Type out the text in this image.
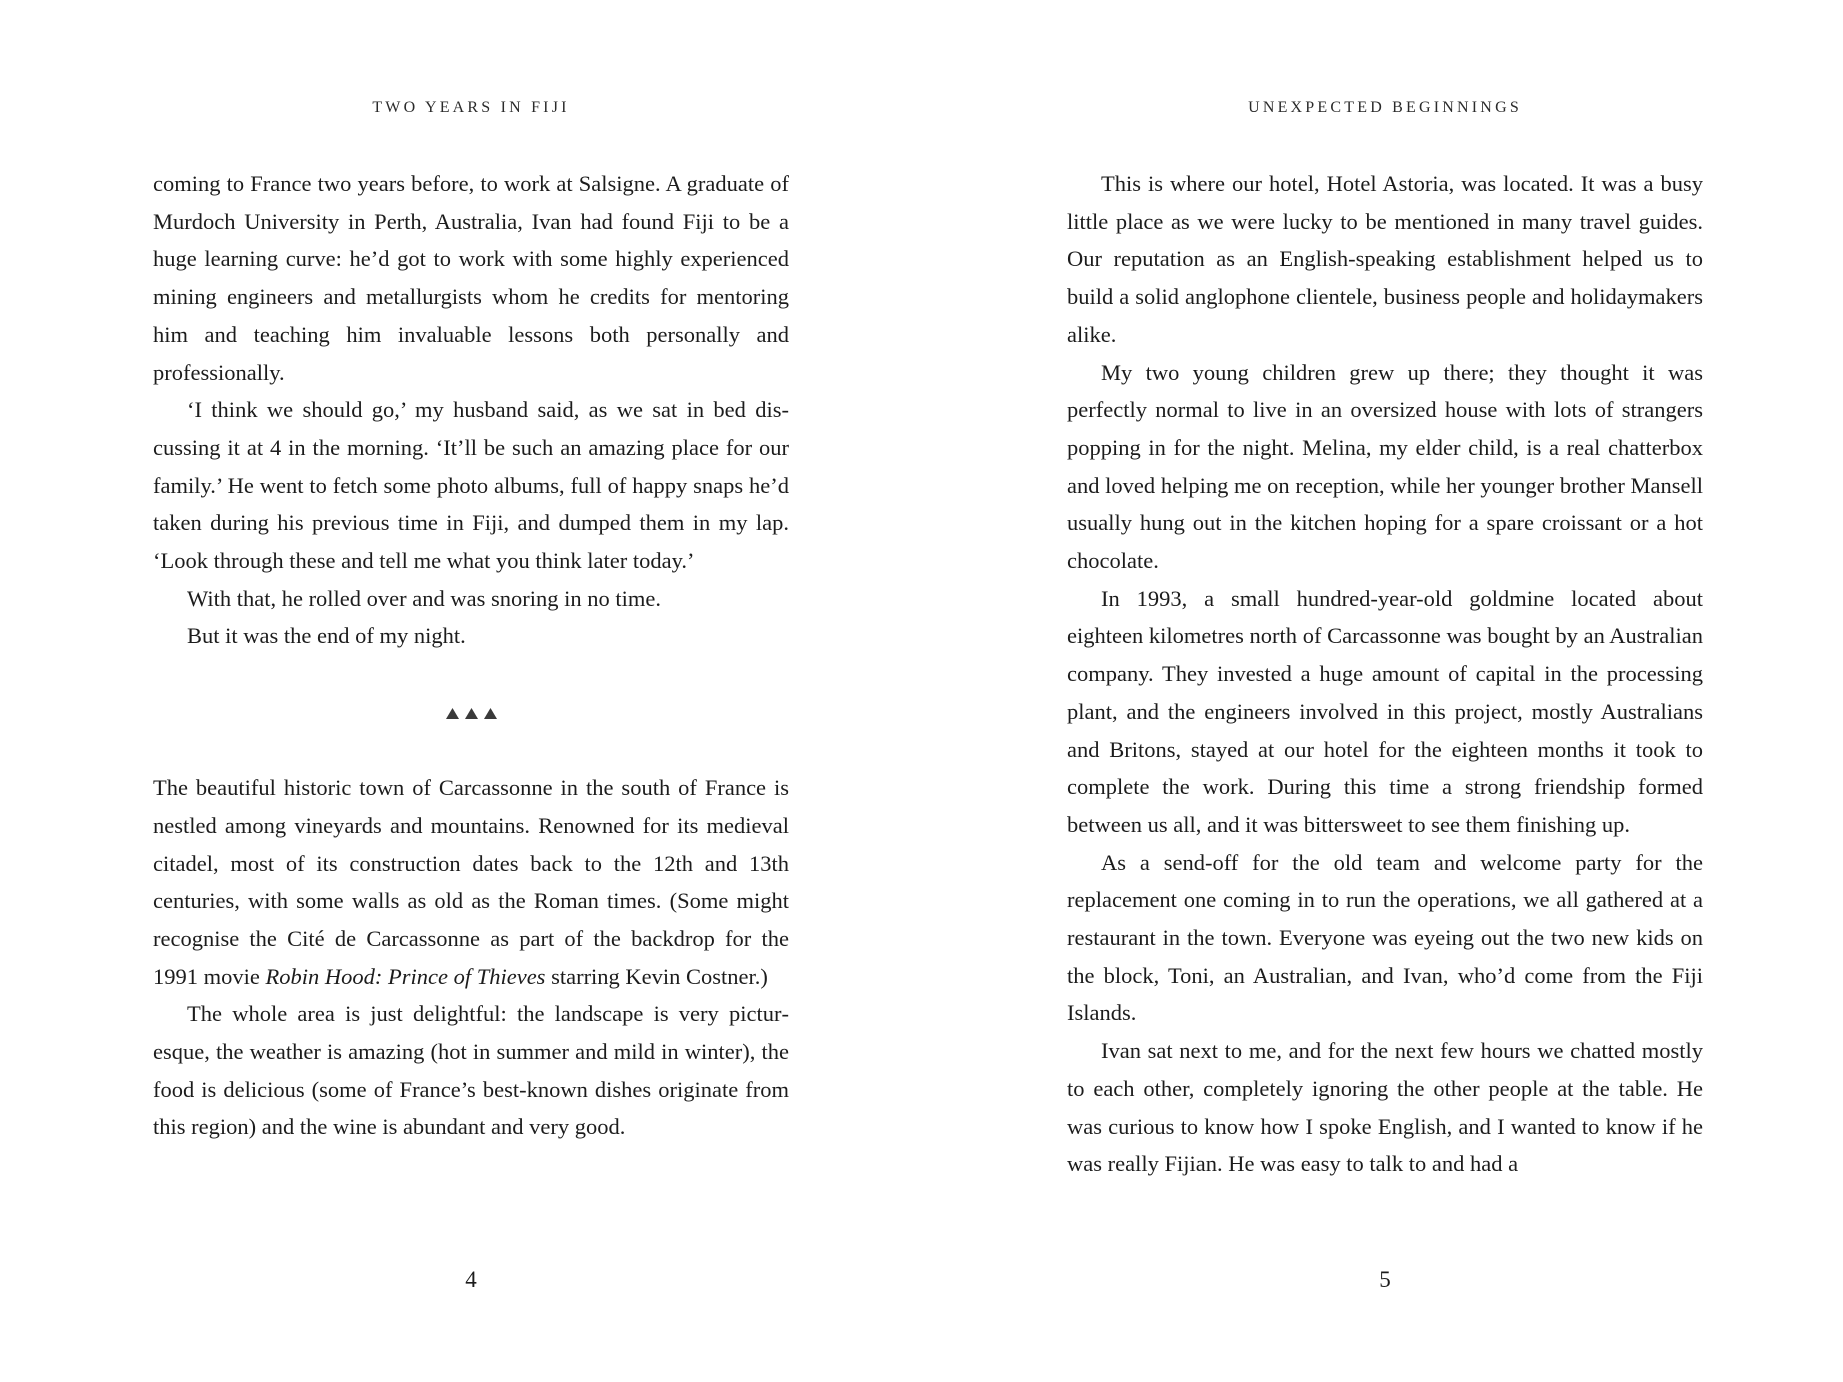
TWO YEARS IN FIJI

coming to France two years before, to work at Salsigne. A graduate of Murdoch University in Perth, Australia, Ivan had found Fiji to be a huge learning curve: he’d got to work with some highly experienced mining engineers and metallurgists whom he credits for mentoring him and teaching him invaluable lessons both personally and professionally.

‘I think we should go,’ my husband said, as we sat in bed discussing it at 4 in the morning. ‘It’ll be such an amazing place for our family.’ He went to fetch some photo albums, full of happy snaps he’d taken during his previous time in Fiji, and dumped them in my lap. ‘Look through these and tell me what you think later today.’

With that, he rolled over and was snoring in no time.

But it was the end of my night.

The beautiful historic town of Carcassonne in the south of France is nestled among vineyards and mountains. Renowned for its medieval citadel, most of its construction dates back to the 12th and 13th centuries, with some walls as old as the Roman times. (Some might recognise the Cité de Carcassonne as part of the backdrop for the 1991 movie Robin Hood: Prince of Thieves starring Kevin Costner.)

The whole area is just delightful: the landscape is very picturesque, the weather is amazing (hot in summer and mild in winter), the food is delicious (some of France’s best-known dishes originate from this region) and the wine is abundant and very good.

4
UNEXPECTED BEGINNINGS

This is where our hotel, Hotel Astoria, was located. It was a busy little place as we were lucky to be mentioned in many travel guides. Our reputation as an English-speaking establishment helped us to build a solid anglophone clientele, business people and holidaymakers alike.

My two young children grew up there; they thought it was perfectly normal to live in an oversized house with lots of strangers popping in for the night. Melina, my elder child, is a real chatterbox and loved helping me on reception, while her younger brother Mansell usually hung out in the kitchen hoping for a spare croissant or a hot chocolate.

In 1993, a small hundred-year-old goldmine located about eighteen kilometres north of Carcassonne was bought by an Australian company. They invested a huge amount of capital in the processing plant, and the engineers involved in this project, mostly Australians and Britons, stayed at our hotel for the eighteen months it took to complete the work. During this time a strong friendship formed between us all, and it was bittersweet to see them finishing up.

As a send-off for the old team and welcome party for the replacement one coming in to run the operations, we all gathered at a restaurant in the town. Everyone was eyeing out the two new kids on the block, Toni, an Australian, and Ivan, who’d come from the Fiji Islands.

Ivan sat next to me, and for the next few hours we chatted mostly to each other, completely ignoring the other people at the table. He was curious to know how I spoke English, and I wanted to know if he was really Fijian. He was easy to talk to and had a

5
